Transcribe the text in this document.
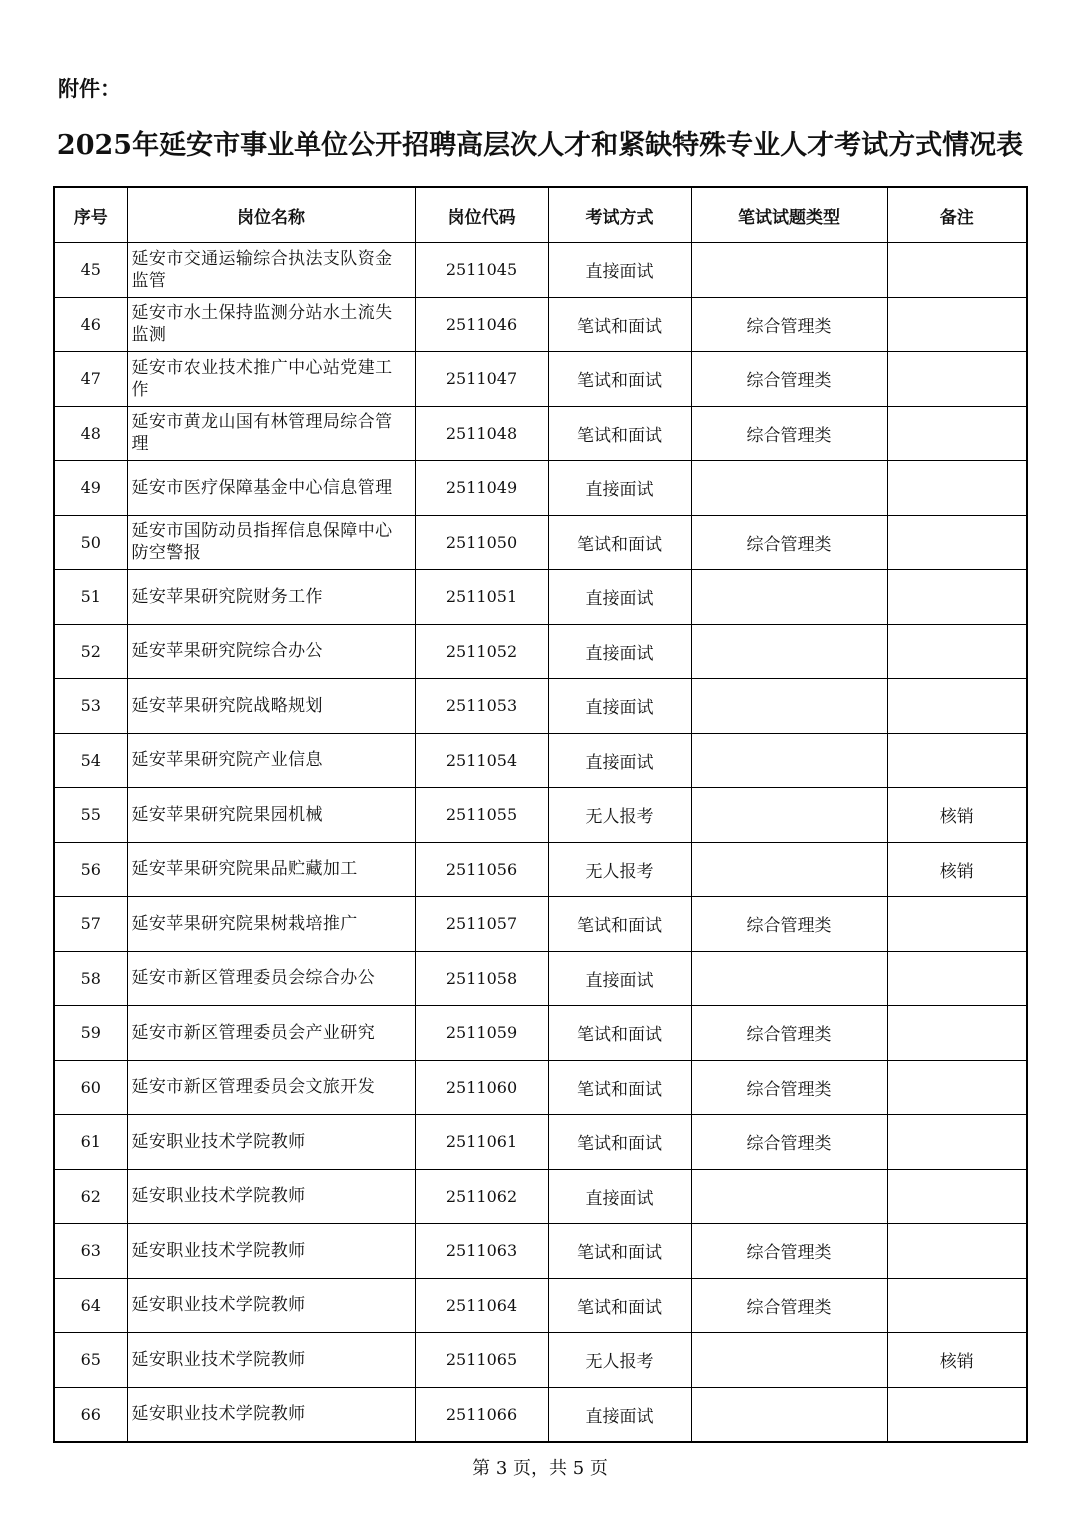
附件：
2025年延安市事业单位公开招聘高层次人才和紧缺特殊专业人才考试方式情况表
序号	岗位名称	岗位代码	考试方式	笔试试题类型	备注
45	延安市交通运输综合执法支队资金监管	2511045	直接面试		
46	延安市水土保持监测分站水土流失监测	2511046	笔试和面试	综合管理类	
47	延安市农业技术推广中心站党建工作	2511047	笔试和面试	综合管理类	
48	延安市黄龙山国有林管理局综合管理	2511048	笔试和面试	综合管理类	
49	延安市医疗保障基金中心信息管理	2511049	直接面试		
50	延安市国防动员指挥信息保障中心防空警报	2511050	笔试和面试	综合管理类	
51	延安苹果研究院财务工作	2511051	直接面试		
52	延安苹果研究院综合办公	2511052	直接面试		
53	延安苹果研究院战略规划	2511053	直接面试		
54	延安苹果研究院产业信息	2511054	直接面试		
55	延安苹果研究院果园机械	2511055	无人报考		核销
56	延安苹果研究院果品贮藏加工	2511056	无人报考		核销
57	延安苹果研究院果树栽培推广	2511057	笔试和面试	综合管理类	
58	延安市新区管理委员会综合办公	2511058	直接面试		
59	延安市新区管理委员会产业研究	2511059	笔试和面试	综合管理类	
60	延安市新区管理委员会文旅开发	2511060	笔试和面试	综合管理类	
61	延安职业技术学院教师	2511061	笔试和面试	综合管理类	
62	延安职业技术学院教师	2511062	直接面试		
63	延安职业技术学院教师	2511063	笔试和面试	综合管理类	
64	延安职业技术学院教师	2511064	笔试和面试	综合管理类	
65	延安职业技术学院教师	2511065	无人报考		核销
66	延安职业技术学院教师	2511066	直接面试		
第 3 页，共 5 页
